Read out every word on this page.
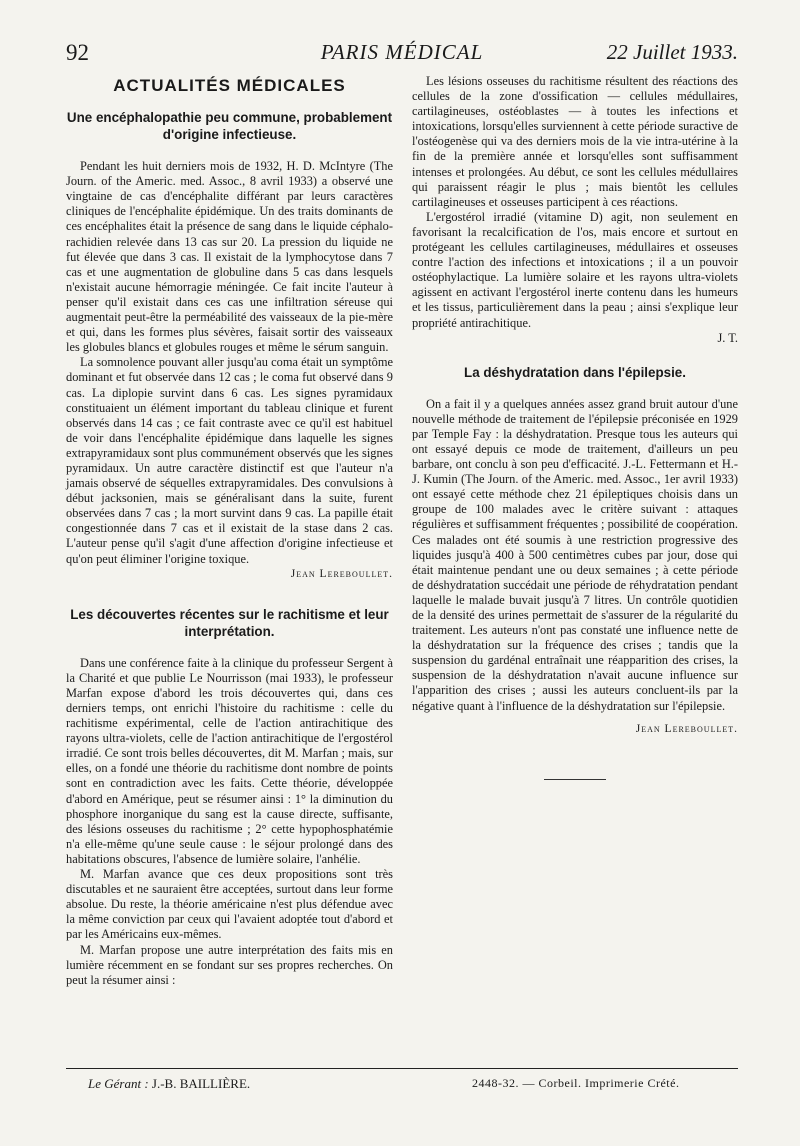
92	PARIS MÉDICAL	22 Juillet 1933.
ACTUALITÉS MÉDICALES
Une encéphalopathie peu commune, probablement d'origine infectieuse.

Pendant les huit derniers mois de 1932, H. D. McIntyre (The Journ. of the Americ. med. Assoc., 8 avril 1933) a observé une vingtaine de cas d'encéphalite différant par leurs caractères cliniques de l'encéphalite épidémique. Un des traits dominants de ces encéphalites était la présence de sang dans le liquide céphalo-rachidien relevée dans 13 cas sur 20. La pression du liquide ne fut élevée que dans 3 cas. Il existait de la lymphocytose dans 7 cas et une augmentation de globuline dans 5 cas dans lesquels n'existait aucune hémorragie méningée. Ce fait incite l'auteur à penser qu'il existait dans ces cas une infiltration séreuse qui augmentait peut-être la perméabilité des vaisseaux de la pie-mère et qui, dans les formes plus sévères, faisait sortir des vaisseaux les globules blancs et globules rouges et même le sérum sanguin.

La somnolence pouvant aller jusqu'au coma était un symptôme dominant et fut observée dans 12 cas ; le coma fut observé dans 9 cas. La diplopie survint dans 6 cas. Les signes pyramidaux constituaient un élément important du tableau clinique et furent observés dans 14 cas ; ce fait contraste avec ce qu'il est habituel de voir dans l'encéphalite épidémique dans laquelle les signes extrapyramidaux sont plus communément observés que les signes pyramidaux. Un autre caractère distinctif est que l'auteur n'a jamais observé de séquelles extrapyramidales. Des convulsions à début jacksonien, mais se généralisant dans la suite, furent observées dans 7 cas ; la mort survint dans 9 cas. La papille était congestionnée dans 7 cas et il existait de la stase dans 2 cas. L'auteur pense qu'il s'agit d'une affection d'origine infectieuse et qu'on peut éliminer l'origine toxique.

Jean Lereboullet.

Les découvertes récentes sur le rachitisme et leur interprétation.

Dans une conférence faite à la clinique du professeur Sergent à la Charité et que publie Le Nourrisson (mai 1933), le professeur Marfan expose d'abord les trois découvertes qui, dans ces derniers temps, ont enrichi l'histoire du rachitisme : celle du rachitisme expérimental, celle de l'action antirachitique des rayons ultra-violets, celle de l'action antirachitique de l'ergostérol irradié. Ce sont trois belles découvertes, dit M. Marfan ; mais, sur elles, on a fondé une théorie du rachitisme dont nombre de points sont en contradiction avec les faits. Cette théorie, développée d'abord en Amérique, peut se résumer ainsi : 1° la diminution du phosphore inorganique du sang est la cause directe, suffisante, des lésions osseuses du rachitisme ; 2° cette hypophosphatémie n'a elle-même qu'une seule cause : le séjour prolongé dans des habitations obscures, l'absence de lumière solaire, l'anhélie.

M. Marfan avance que ces deux propositions sont très discutables et ne sauraient être acceptées, surtout dans leur forme absolue. Du reste, la théorie américaine n'est plus défendue avec la même conviction par ceux qui l'avaient adoptée tout d'abord et par les Américains eux-mêmes.

M. Marfan propose une autre interprétation des faits mis en lumière récemment en se fondant sur ses propres recherches. On peut la résumer ainsi :

Les lésions osseuses du rachitisme résultent des réactions des cellules de la zone d'ossification — cellules médullaires, cartilagineuses, ostéoblastes — à toutes les infections et intoxications, lorsqu'elles surviennent à cette période suractive de l'ostéogenèse qui va des derniers mois de la vie intra-utérine à la fin de la première année et lorsqu'elles sont suffisamment intenses et prolongées. Au début, ce sont les cellules médullaires qui paraissent réagir le plus ; mais bientôt les cellules cartilagineuses et osseuses participent à ces réactions.

L'ergostérol irradié (vitamine D) agit, non seulement en favorisant la recalcification de l'os, mais encore et surtout en protégeant les cellules cartilagineuses, médullaires et osseuses contre l'action des infections et intoxications ; il a un pouvoir ostéophylactique. La lumière solaire et les rayons ultra-violets agissent en activant l'ergostérol inerte contenu dans les humeurs et les tissus, particulièrement dans la peau ; ainsi s'explique leur propriété antirachitique.

J. T.

La déshydratation dans l'épilepsie.

On a fait il y a quelques années assez grand bruit autour d'une nouvelle méthode de traitement de l'épilepsie préconisée en 1929 par Temple Fay : la déshydratation. Presque tous les auteurs qui ont essayé depuis ce mode de traitement, d'ailleurs un peu barbare, ont conclu à son peu d'efficacité. J.-L. Fettermann et H.-J. Kumin (The Journ. of the Americ. med. Assoc., 1er avril 1933) ont essayé cette méthode chez 21 épileptiques choisis dans un groupe de 100 malades avec le critère suivant : attaques régulières et suffisamment fréquentes ; possibilité de coopération. Ces malades ont été soumis à une restriction progressive des liquides jusqu'à 400 à 500 centimètres cubes par jour, dose qui était maintenue pendant une ou deux semaines ; à cette période de déshydratation succédait une période de réhydratation pendant laquelle le malade buvait jusqu'à 7 litres. Un contrôle quotidien de la densité des urines permettait de s'assurer de la régularité du traitement. Les auteurs n'ont pas constaté une influence nette de la déshydratation sur la fréquence des crises ; tandis que la suspension du gardénal entraînait une réapparition des crises, la suspension de la déshydratation n'avait aucune influence sur l'apparition des crises ; aussi les auteurs concluent-ils par la négative quant à l'influence de la déshydratation sur l'épilepsie.

Jean Lereboullet.

Le Gérant : J.-B. BAILLIÈRE.	2448-32. — Corbeil. Imprimerie Crété.
